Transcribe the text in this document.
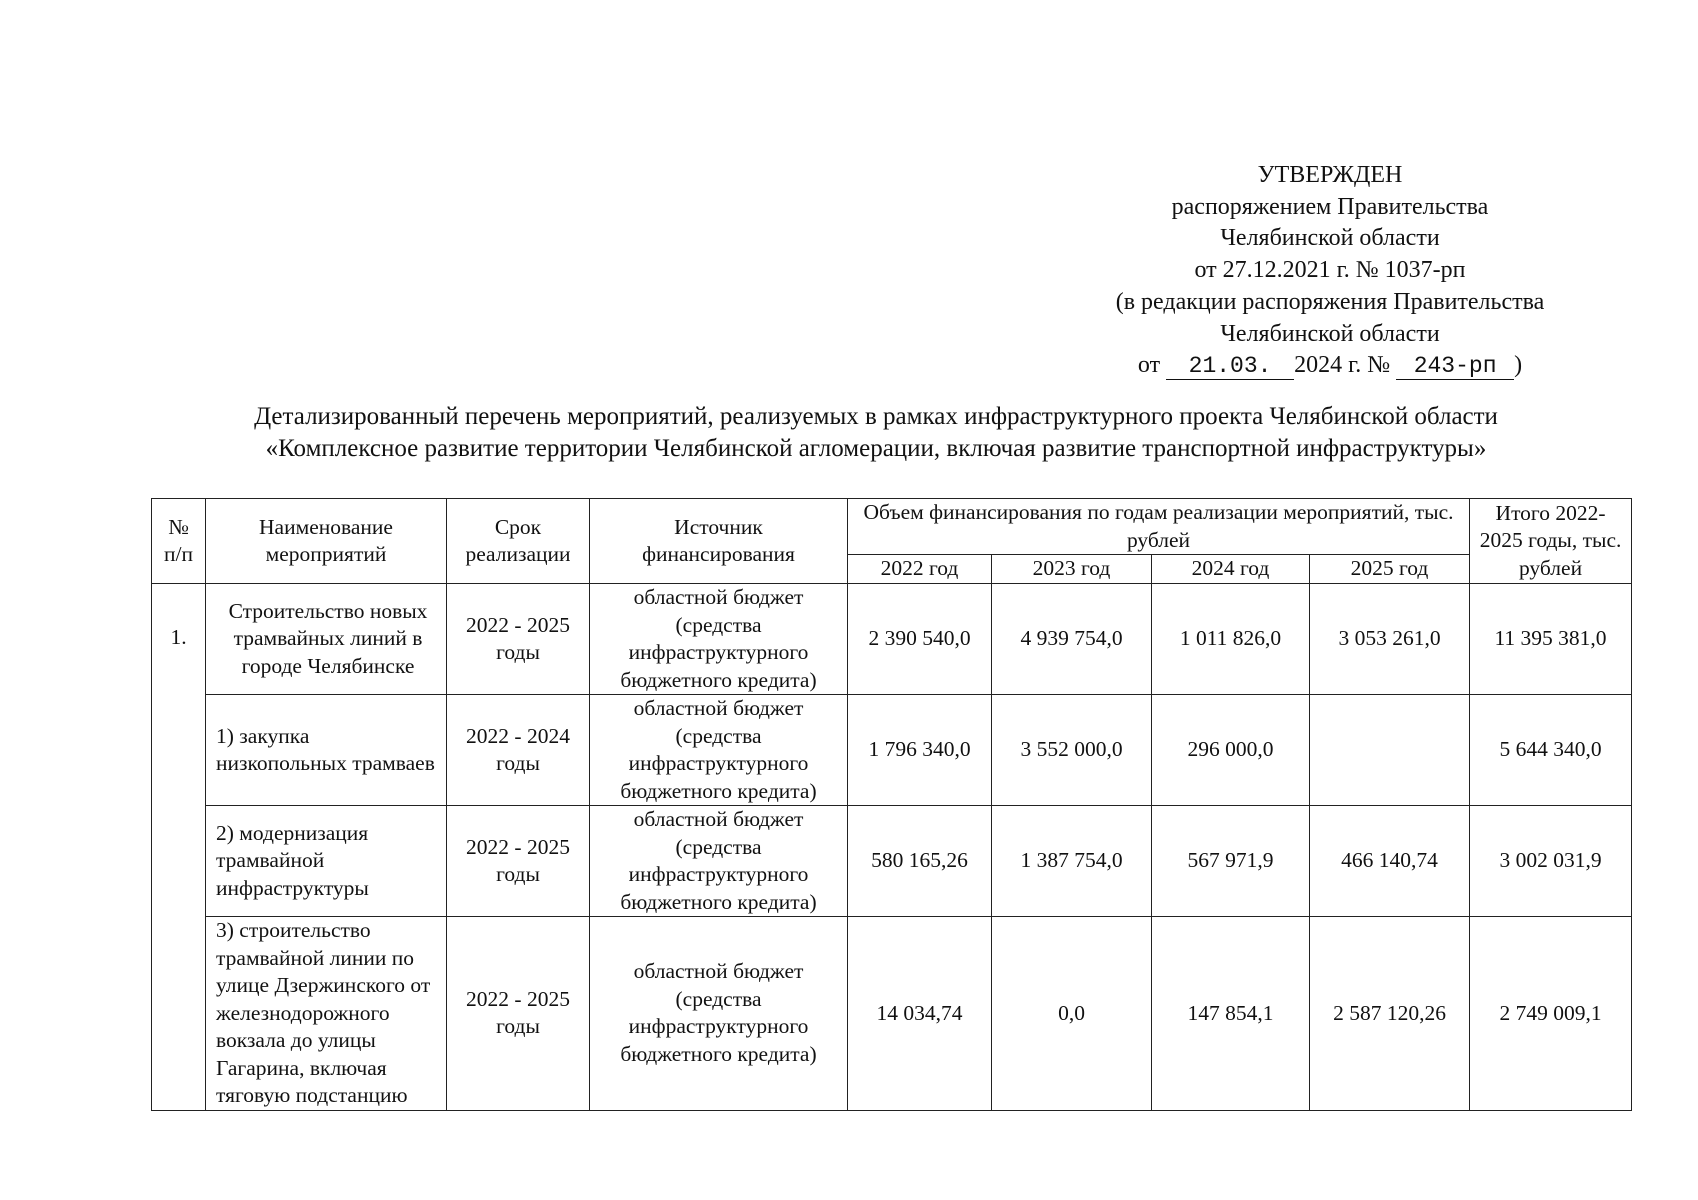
УТВЕРЖДЕН
распоряжением Правительства
Челябинской области
от 27.12.2021 г. № 1037-рп
(в редакции распоряжения Правительства
Челябинской области
от 21.03. 2024 г. № 243-рп )
Детализированный перечень мероприятий, реализуемых в рамках инфраструктурного проекта Челябинской области
«Комплексное развитие территории Челябинской агломерации, включая развитие транспортной инфраструктуры»
№ п/п	Наименование мероприятий	Срок реализации	Источник финансирования	Объем финансирования по годам реализации мероприятий, тыс. рублей				Итого 2022-2025 годы, тыс. рублей
				2022 год	2023 год	2024 год	2025 год	

1.	Строительство новых трамвайных линий в городе Челябинске	2022 - 2025 годы	областной бюджет (средства инфраструктурного бюджетного кредита)	2 390 540,0	4 939 754,0	1 011 826,0	3 053 261,0	11 395 381,0
	1) закупка низкопольных трамваев	2022 - 2024 годы	областной бюджет (средства инфраструктурного бюджетного кредита)	1 796 340,0	3 552 000,0	296 000,0		5 644 340,0
	2) модернизация трамвайной инфраструктуры	2022 - 2025 годы	областной бюджет (средства инфраструктурного бюджетного кредита)	580 165,26	1 387 754,0	567 971,9	466 140,74	3 002 031,9
	3) строительство трамвайной линии по улице Дзержинского от железнодорожного вокзала до улицы Гагарина, включая тяговую подстанцию	2022 - 2025 годы	областной бюджет (средства инфраструктурного бюджетного кредита)	14 034,74	0,0	147 854,1	2 587 120,26	2 749 009,1
